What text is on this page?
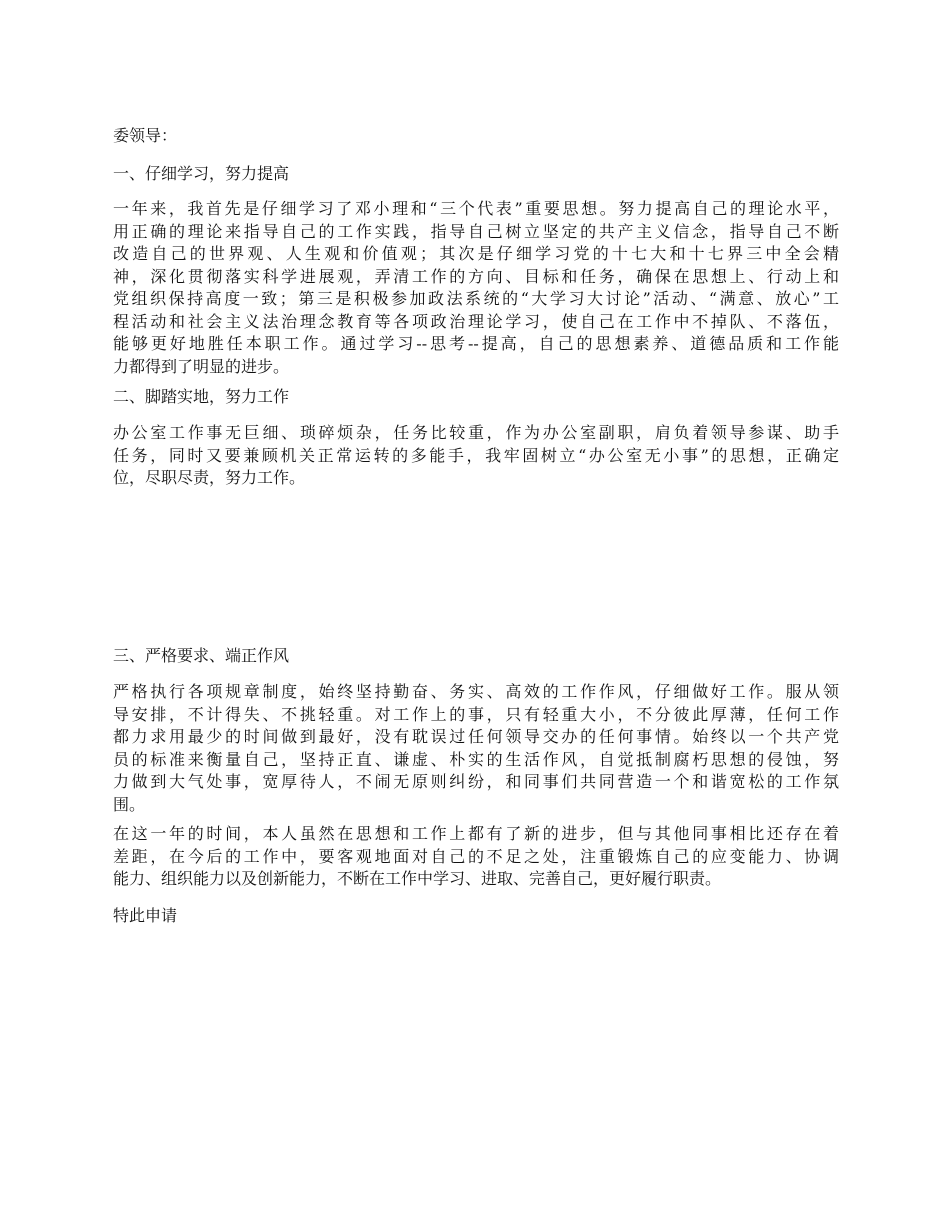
委领导：

一、仔细学习，努力提高

一年来，我首先是仔细学习了邓小理和“三个代表”重要思想。努力提高自己的理论水平，
用正确的理论来指导自己的工作实践，指导自己树立坚定的共产主义信念，指导自己不断
改造自己的世界观、人生观和价值观；其次是仔细学习党的十七大和十七界三中全会精
神，深化贯彻落实科学进展观，弄清工作的方向、目标和任务，确保在思想上、行动上和
党组织保持高度一致；第三是积极参加政法系统的“大学习大讨论”活动、“满意、放心”工
程活动和社会主义法治理念教育等各项政治理论学习，使自己在工作中不掉队、不落伍，
能够更好地胜任本职工作。通过学习--思考--提高，自己的思想素养、道德品质和工作能
力都得到了明显的进步。

二、脚踏实地，努力工作

办公室工作事无巨细、琐碎烦杂，任务比较重，作为办公室副职，肩负着领导参谋、助手
任务，同时又要兼顾机关正常运转的多能手，我牢固树立“办公室无小事”的思想，正确定
位，尽职尽责，努力工作。

三、严格要求、端正作风

严格执行各项规章制度，始终坚持勤奋、务实、高效的工作作风，仔细做好工作。服从领
导安排，不计得失、不挑轻重。对工作上的事，只有轻重大小，不分彼此厚薄，任何工作
都力求用最少的时间做到最好，没有耽误过任何领导交办的任何事情。始终以一个共产党
员的标准来衡量自己，坚持正直、谦虚、朴实的生活作风，自觉抵制腐朽思想的侵蚀，努
力做到大气处事，宽厚待人，不闹无原则纠纷，和同事们共同营造一个和谐宽松的工作氛
围。

在这一年的时间，本人虽然在思想和工作上都有了新的进步，但与其他同事相比还存在着
差距，在今后的工作中，要客观地面对自己的不足之处，注重锻炼自己的应变能力、协调
能力、组织能力以及创新能力，不断在工作中学习、进取、完善自己，更好履行职责。

特此申请
